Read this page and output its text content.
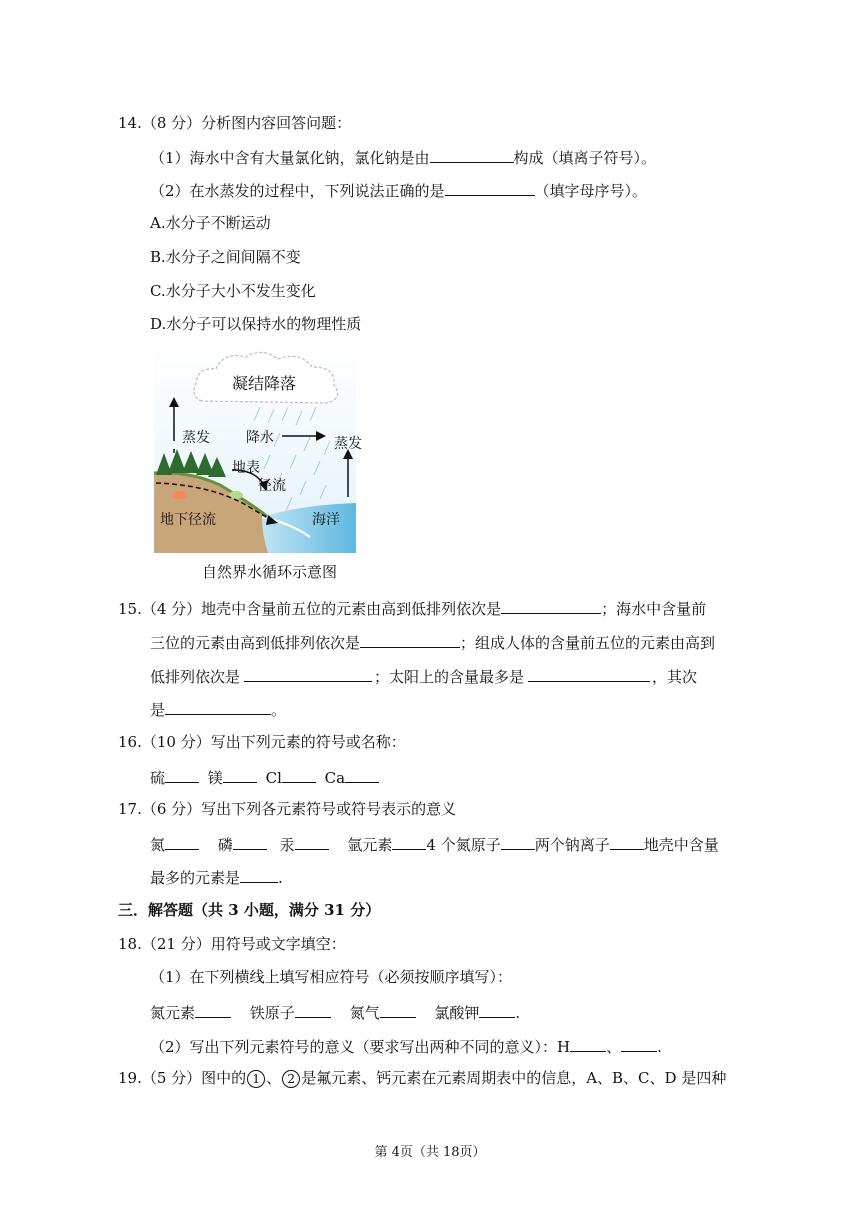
14.（8 分）分析图内容回答问题：
（1）海水中含有大量氯化钠，氯化钠是由	构成（填离子符号）。
（2）在水蒸发的过程中，下列说法正确的是	（填字母序号）。
A.水分子不断运动
B.水分子之间间隔不变
C.水分子大小不发生变化
D.水分子可以保持水的物理性质
凝结降落
蒸发	降水	蒸发
地表
径流
地下径流	海洋
自然界水循环示意图
15.（4 分）地壳中含量前五位的元素由高到低排列依次是	；海水中含量前
三位的元素由高到低排列依次是	；组成人体的含量前五位的元素由高到
低排列依次是	；太阳上的含量最多是	，其次
是	。
16.（10 分）写出下列元素的符号或名称：
硫	镁	Cl	Ca
17.（6 分）写出下列各元素符号或符号表示的意义
氮	磷	汞	氩元素 4 个氮原子 两个钠离子 地壳中含量
最多的元素是	.
三．解答题（共 3 小题，满分 31 分）
18.（21 分）用符号或文字填空：
（1）在下列横线上填写相应符号（必须按顺序填写）：
氮元素	铁原子	氮气	氯酸钾 .
（2）写出下列元素符号的意义（要求写出两种不同的意义）：H 、 .
19.（5 分）图中的 1 、 2 是氟元素、钙元素在元素周期表中的信息，A、B、C、D 是四种
第 4页（共 18页）
